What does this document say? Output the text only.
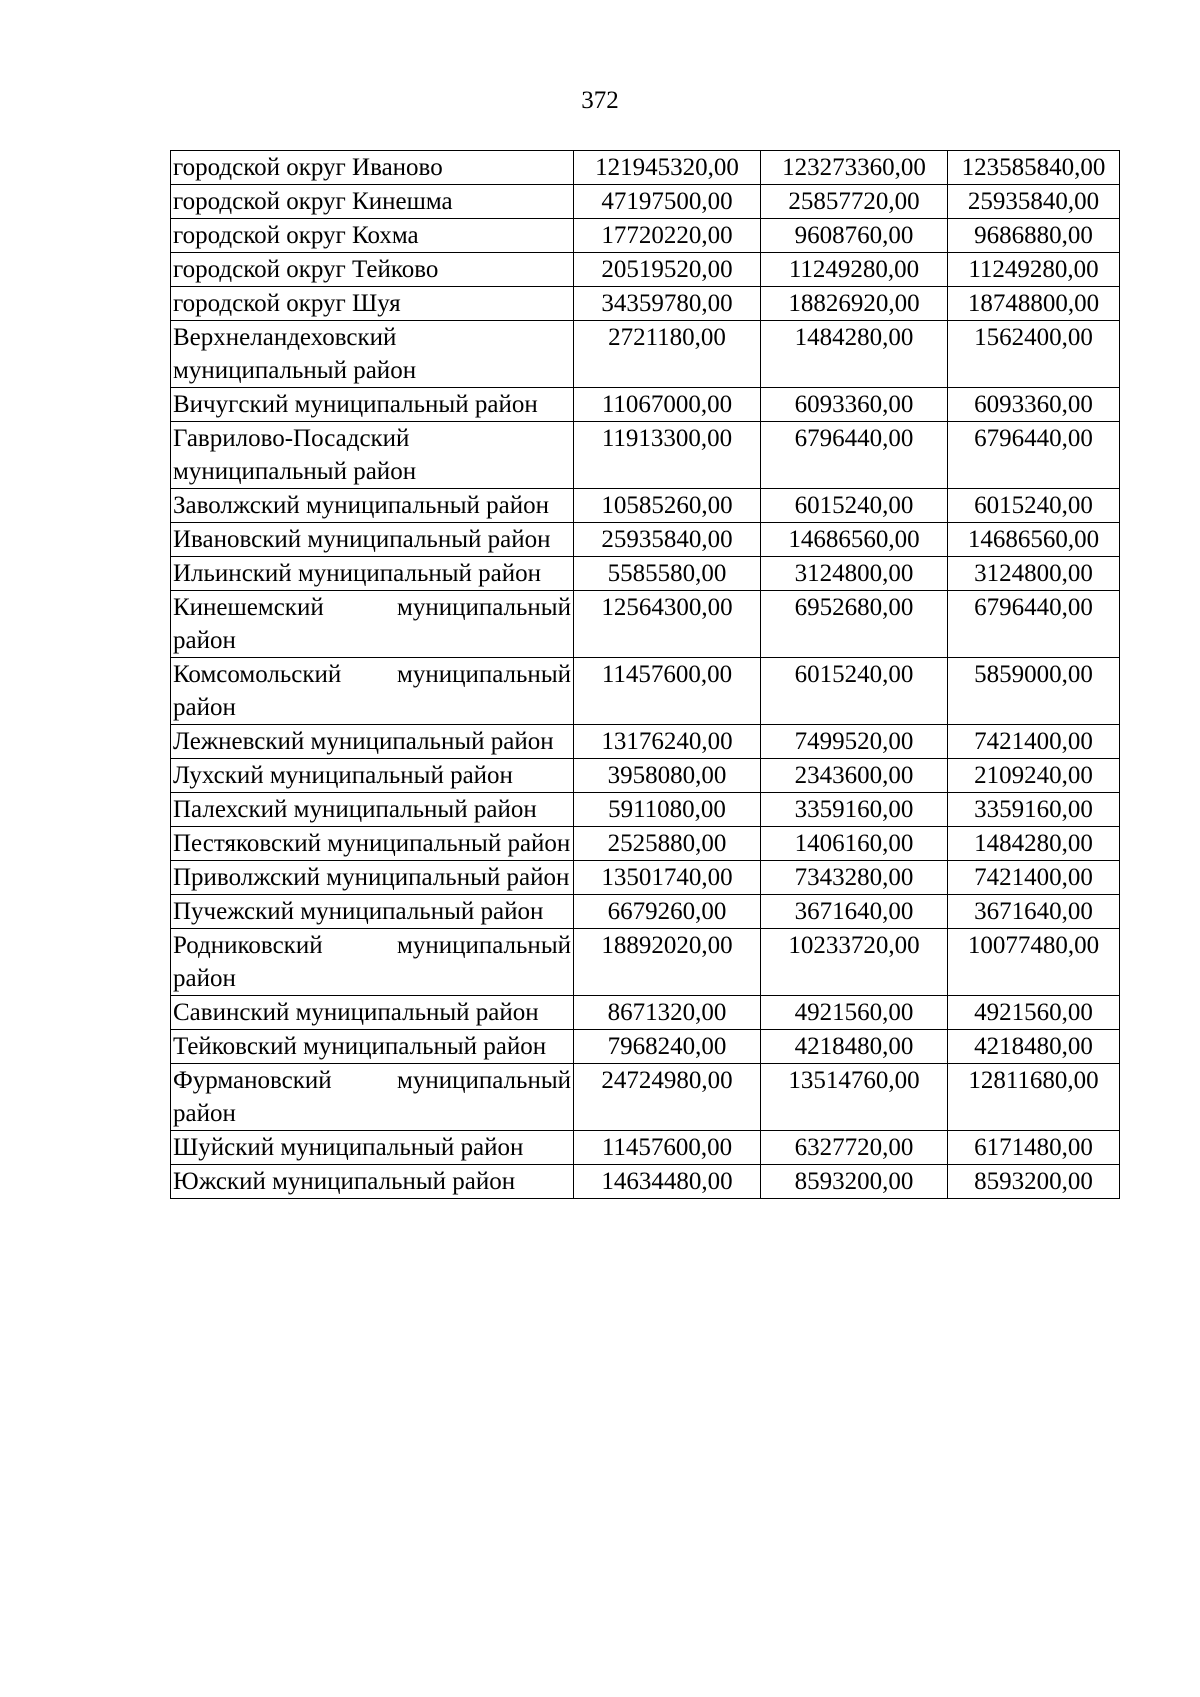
372
городской округ Иваново	121945320,00	123273360,00	123585840,00
городской округ Кинешма	47197500,00	25857720,00	25935840,00
городской округ Кохма	17720220,00	9608760,00	9686880,00
городской округ Тейково	20519520,00	11249280,00	11249280,00
городской округ Шуя	34359780,00	18826920,00	18748800,00
Верхнеландеховский муниципальный район	2721180,00	1484280,00	1562400,00
Вичугский муниципальный район	11067000,00	6093360,00	6093360,00
Гаврилово-Посадский муниципальный район	11913300,00	6796440,00	6796440,00
Заволжский муниципальный район	10585260,00	6015240,00	6015240,00
Ивановский муниципальный район	25935840,00	14686560,00	14686560,00
Ильинский муниципальный район	5585580,00	3124800,00	3124800,00
Кинешемский муниципальный район	12564300,00	6952680,00	6796440,00
Комсомольский муниципальный район	11457600,00	6015240,00	5859000,00
Лежневский муниципальный район	13176240,00	7499520,00	7421400,00
Лухский муниципальный район	3958080,00	2343600,00	2109240,00
Палехский муниципальный район	5911080,00	3359160,00	3359160,00
Пестяковский муниципальный район	2525880,00	1406160,00	1484280,00
Приволжский муниципальный район	13501740,00	7343280,00	7421400,00
Пучежский муниципальный район	6679260,00	3671640,00	3671640,00
Родниковский муниципальный район	18892020,00	10233720,00	10077480,00
Савинский муниципальный район	8671320,00	4921560,00	4921560,00
Тейковский муниципальный район	7968240,00	4218480,00	4218480,00
Фурмановский муниципальный район	24724980,00	13514760,00	12811680,00
Шуйский муниципальный район	11457600,00	6327720,00	6171480,00
Южский муниципальный район	14634480,00	8593200,00	8593200,00
